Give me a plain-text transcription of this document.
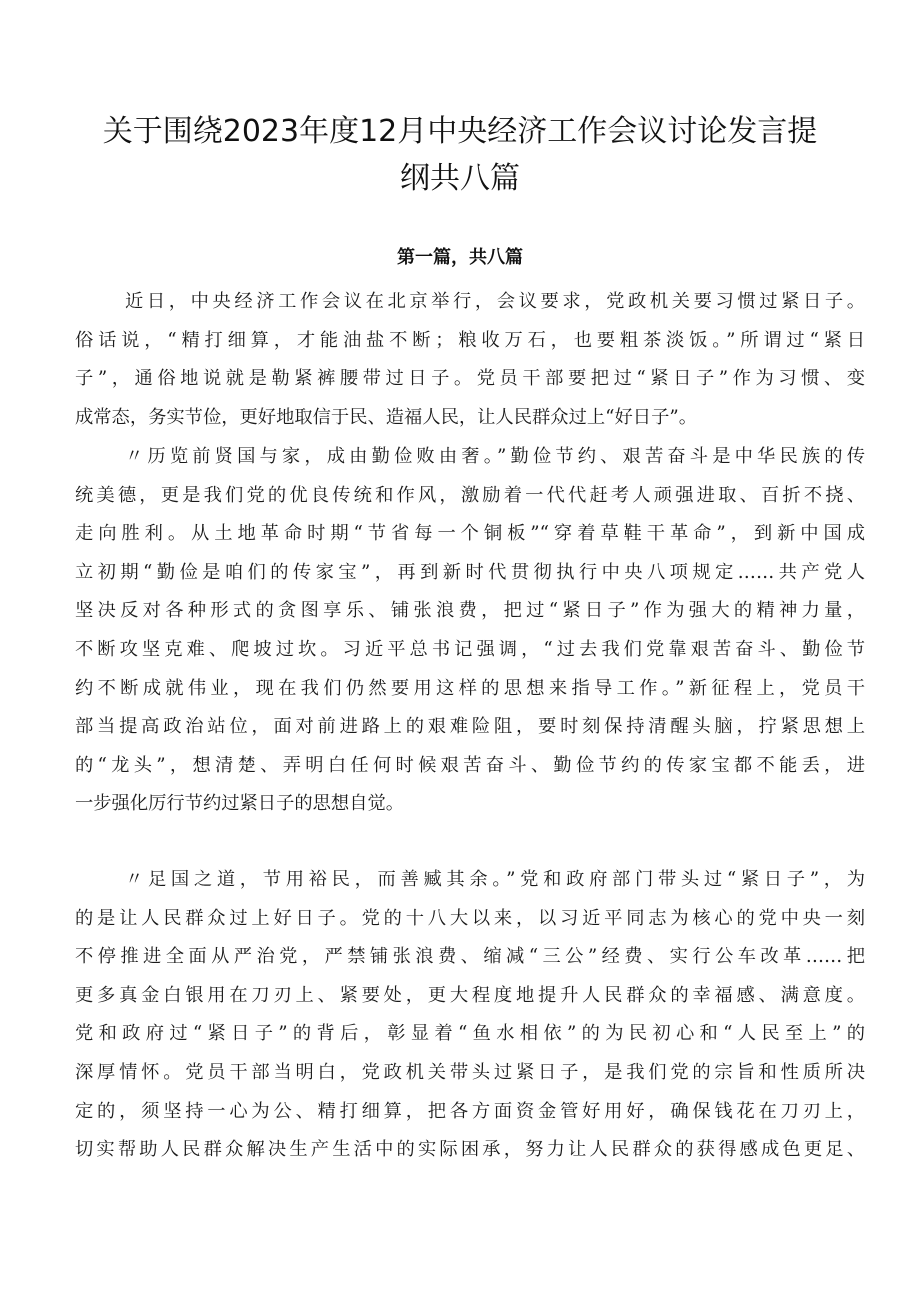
关于围绕2023年度12月中央经济工作会议讨论发言提
纲共八篇
第一篇，共八篇
近日，中央经济工作会议在北京举行，会议要求，党政机关要习惯过紧日子。
俗话说，“精打细算，才能油盐不断；粮收万石，也要粗茶淡饭。”所谓过“紧日
子”，通俗地说就是勒紧裤腰带过日子。党员干部要把过“紧日子”作为习惯、变
成常态，务实节俭，更好地取信于民、造福人民，让人民群众过上“好日子”。
〃历览前贤国与家，成由勤俭败由奢。”勤俭节约、艰苦奋斗是中华民族的传
统美德，更是我们党的优良传统和作风，激励着一代代赶考人顽强进取、百折不挠、
走向胜利。从土地革命时期“节省每一个铜板”“穿着草鞋干革命”，到新中国成
立初期“勤俭是咱们的传家宝”，再到新时代贯彻执行中央八项规定……共产党人
坚决反对各种形式的贪图享乐、铺张浪费，把过“紧日子”作为强大的精神力量，
不断攻坚克难、爬坡过坎。习近平总书记强调，“过去我们党靠艰苦奋斗、勤俭节
约不断成就伟业，现在我们仍然要用这样的思想来指导工作。”新征程上，党员干
部当提高政治站位，面对前进路上的艰难险阻，要时刻保持清醒头脑，拧紧思想上
的“龙头”，想清楚、弄明白任何时候艰苦奋斗、勤俭节约的传家宝都不能丢，进
一步强化厉行节约过紧日子的思想自觉。
〃足国之道，节用裕民，而善臧其余。”党和政府部门带头过“紧日子”，为
的是让人民群众过上好日子。党的十八大以来，以习近平同志为核心的党中央一刻
不停推进全面从严治党，严禁铺张浪费、缩减“三公”经费、实行公车改革……把
更多真金白银用在刀刃上、紧要处，更大程度地提升人民群众的幸福感、满意度。
党和政府过“紧日子”的背后，彰显着“鱼水相依”的为民初心和“人民至上”的
深厚情怀。党员干部当明白，党政机关带头过紧日子，是我们党的宗旨和性质所决
定的，须坚持一心为公、精打细算，把各方面资金管好用好，确保钱花在刀刃上，
切实帮助人民群众解决生产生活中的实际困承，努力让人民群众的获得感成色更足、
